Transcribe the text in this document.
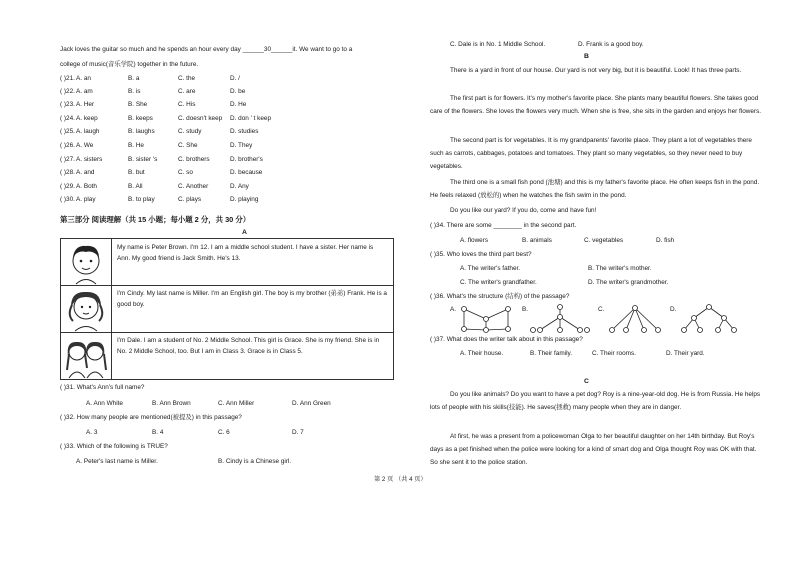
Jack loves the guitar so much and he spends an hour every day ______30______it. We want to go to a
college of music(音乐学院) together in the future.
( )21. A. an	B. a	C. the	D. /
( )22. A. am	B. is	C. are	D. be
( )23. A. Her	B. She	C. His	D. He
( )24. A. keep	B. keeps	C. doesn't keep D. don ' t keep
( )25. A. laugh	B. laughs	C. study	D. studies
( )26. A. We	B. He	C. She	D. They
( )27. A. sisters	B. sister 's	C. brothers	D. brother's
( )28. A. and	B. but	C. so	D. because
( )29. A. Both	B. All	C. Another	D. Any
( )30. A. play	B. to play	C. plays	D. playing
第三部分 阅读理解（共 15 小题；每小题 2 分，共 30 分）
A
My name is Peter Brown. I'm 12. I am a middle school student. I have a sister. Her name is Ann. My good friend is Jack Smith. He's 13.
I'm Cindy. My last name is Miller. I'm an English girl. The boy is my brother (弟弟) Frank. He is a good boy.
I'm Dale. I am a student of No. 2 Middle School. This girl is Grace. She is my friend. She is in No. 2 Middle School, too. But I am in Class 3. Grace is in Class 5.
( )31. What's Ann's full name?
A. Ann White	B. Ann Brown	C. Ann Miller	D. Ann Green
( )32. How many people are mentioned(被提及) in this passage?
A. 3	B. 4	C. 6	D. 7
( )33. Which of the following is TRUE?
A. Peter's last name is Miller.	B. Cindy is a Chinese girl.
C. Dale is in No. 1 Middle School.	D. Frank is a good boy.
B
There is a yard in front of our house. Our yard is not very big, but it is beautiful. Look! It has three parts.
The first part is for flowers. It's my mother's favorite place. She plants many beautiful flowers. She takes good care of the flowers. She loves the flowers very much. When she is free, she sits in the garden and enjoys her flowers.
The second part is for vegetables. It is my grandparents' favorite place. They plant a lot of vegetables there such as carrots, cabbages, potatoes and tomatoes. They plant so many vegetables, so they never need to buy vegetables.
The third one is a small fish pond (池塘) and this is my father's favorite place. He often keeps fish in the pond. He feels relaxed (放松的) when he watches the fish swim in the pond.
Do you like our yard? If you do, come and have fun!
( )34. There are some ________ in the second part.
A. flowers	B. animals	C. vegetables	D. fish
( )35. Who loves the third part best?
A. The writer's father.	B. The writer's mother.
C. The writer's grandfather.	D. The writer's grandmother.
( )36. What's the structure (结构) of the passage?
A.	B.	C.	D.
( )37. What does the writer talk about in this passage?
A. Their house.	B. Their family.	C. Their rooms.	D. Their yard.
C
Do you like animals? Do you want to have a pet dog? Roy is a nine-year-old dog. He is from Russia. He helps lots of people with his skills(技能). He saves(拯救) many people when they are in danger.
At first, he was a present from a policewoman Olga to her beautiful daughter on her 14th birthday. But Roy's days as a pet finished when the police were looking for a kind of smart dog and Olga thought Roy was OK with that. So she sent it to the police station.
第 2 页 （共 4 页）
